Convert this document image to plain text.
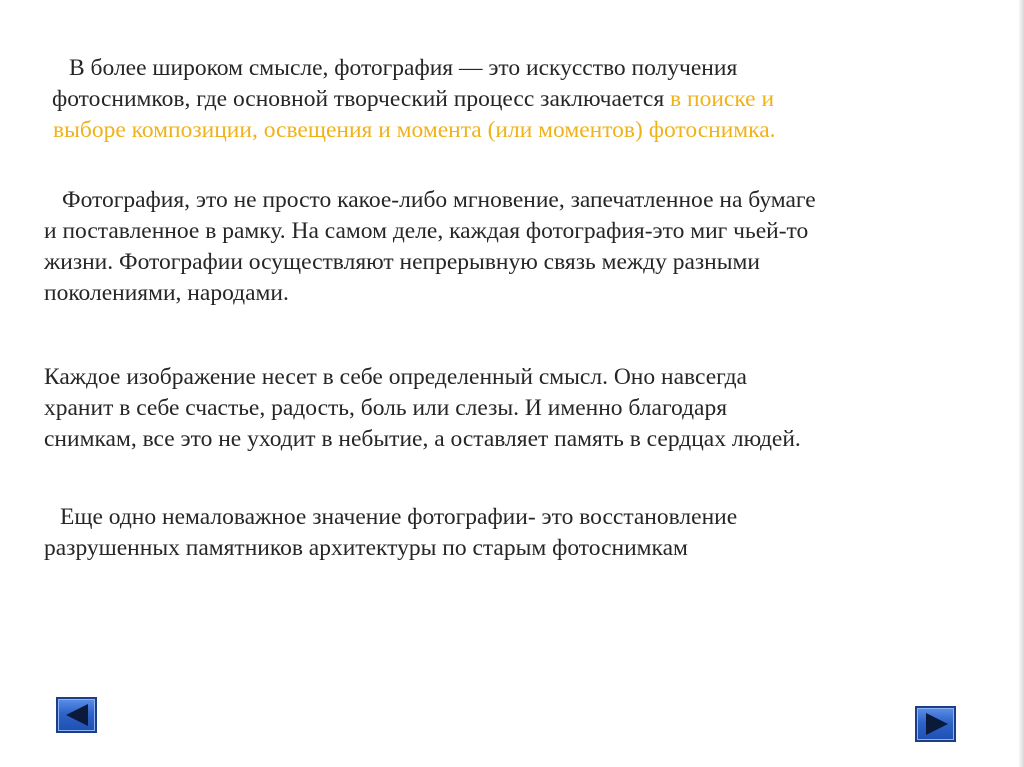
В более широком смысле, фотография — это искусство получения
фотоснимков, где основной творческий процесс заключается в поиске и
выборе композиции, освещения и момента (или моментов) фотоснимка.

Фотография, это не просто какое-либо мгновение, запечатленное на бумаге
и поставленное в рамку. На самом деле, каждая фотография-это миг чьей-то
жизни. Фотографии осуществляют непрерывную связь между разными
поколениями, народами.

Каждое изображение несет в себе определенный смысл. Оно навсегда
хранит в себе счастье, радость, боль или слезы. И именно благодаря
снимкам, все это не уходит в небытие, а оставляет память в сердцах людей.

Еще одно немаловажное значение фотографии- это восстановление
разрушенных памятников архитектуры по старым фотоснимкам
